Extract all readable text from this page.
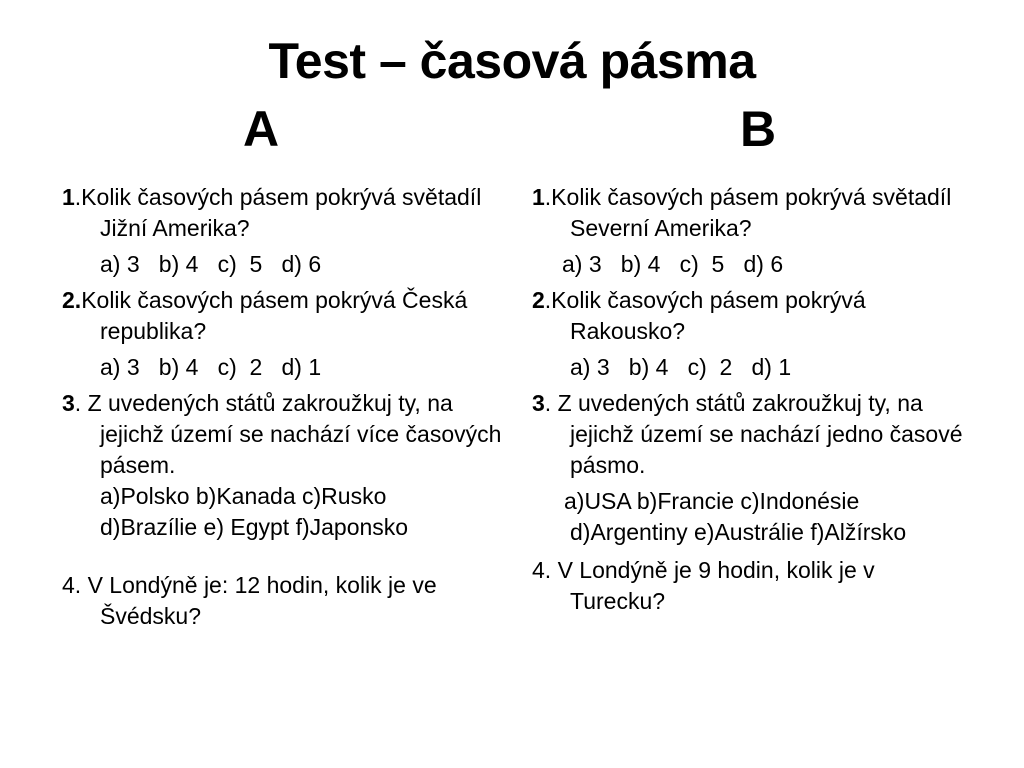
Test – časová pásma
A	B

1.Kolik časových pásem pokrývá světadíl Jižní Amerika?

a) 3   b) 4   c)  5   d) 6

2.Kolik časových pásem pokrývá Česká republika?

a) 3   b) 4   c)  2   d) 1

3. Z uvedených států zakroužkuj ty, na jejichž území se nachází více časových pásem.

a)Polsko b)Kanada c)Rusko

d)Brazílie e) Egypt f)Japonsko

4. V Londýně je: 12 hodin, kolik je ve Švédsku?

1.Kolik časových pásem pokrývá světadíl Severní Amerika?

a) 3   b) 4   c)  5   d) 6

2.Kolik časových pásem pokrývá Rakousko?

a) 3   b) 4   c)  2   d) 1

3. Z uvedených států zakroužkuj ty, na jejichž území se nachází jedno časové pásmo.

a)USA b)Francie c)Indonésie d)Argentiny e)Austrálie f)Alžírsko

4. V Londýně je 9 hodin, kolik je v Turecku?
